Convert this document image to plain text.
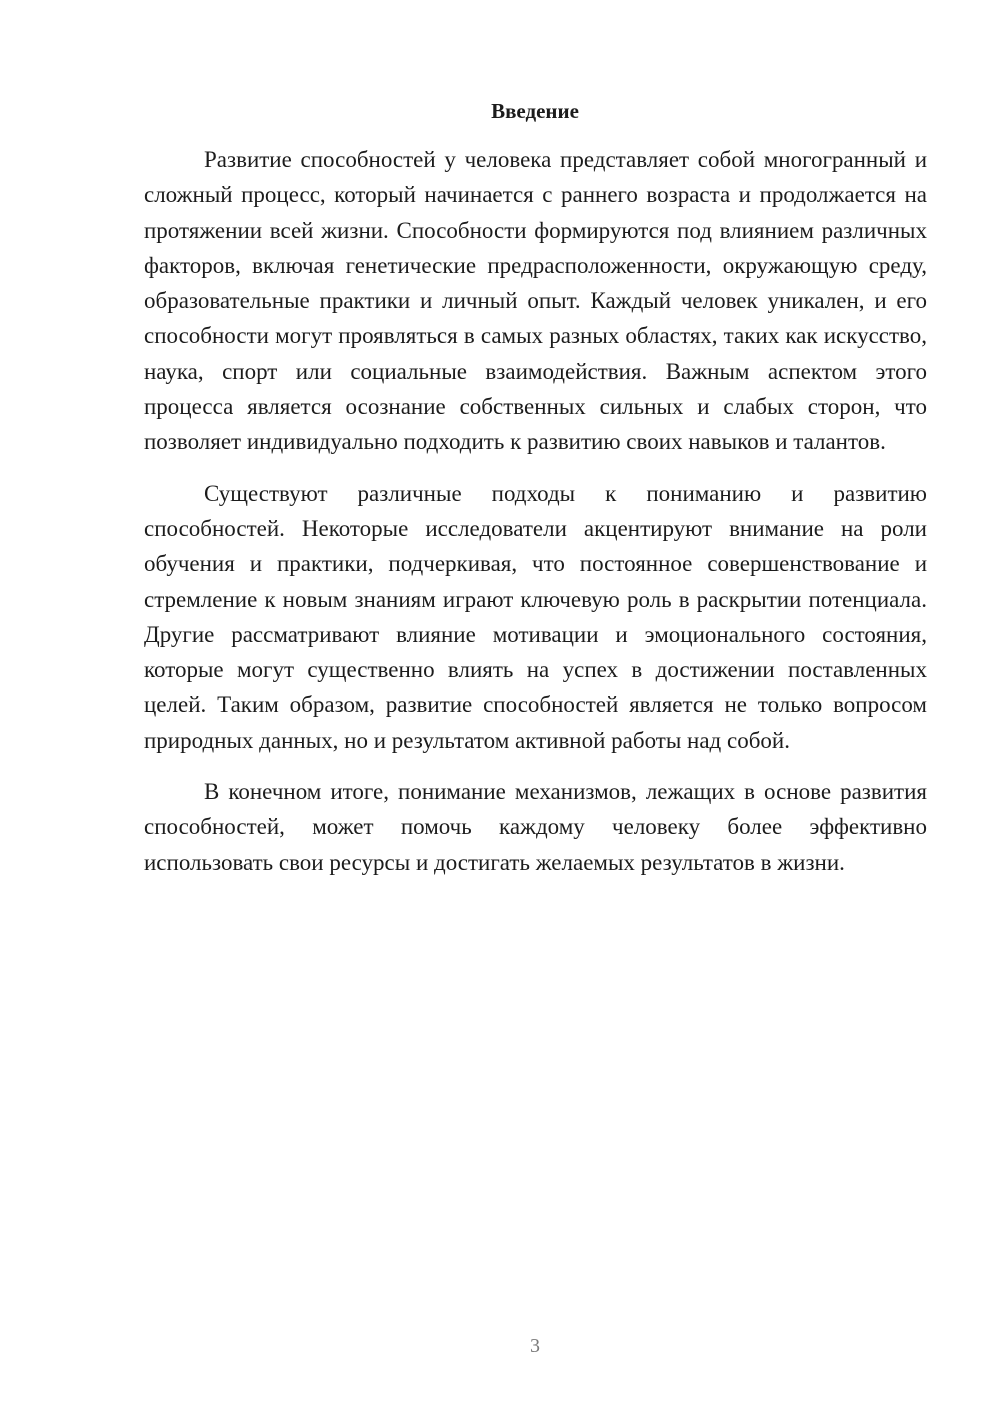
Введение

Развитие способностей у человека представляет собой многогранный и сложный процесс, который начинается с раннего возраста и продолжается на протяжении всей жизни. Способности формируются под влиянием различных факторов, включая генетические предрасположенности, окружающую среду, образовательные практики и личный опыт. Каждый человек уникален, и его способности могут проявляться в самых разных областях, таких как искусство, наука, спорт или социальные взаимодействия. Важным аспектом этого процесса является осознание собственных сильных и слабых сторон, что позволяет индивидуально подходить к развитию своих навыков и талантов.

Существуют различные подходы к пониманию и развитию способностей. Некоторые исследователи акцентируют внимание на роли обучения и практики, подчеркивая, что постоянное совершенствование и стремление к новым знаниям играют ключевую роль в раскрытии потенциала. Другие рассматривают влияние мотивации и эмоционального состояния, которые могут существенно влиять на успех в достижении поставленных целей. Таким образом, развитие способностей является не только вопросом природных данных, но и результатом активной работы над собой.

В конечном итоге, понимание механизмов, лежащих в основе развития способностей, может помочь каждому человеку более эффективно использовать свои ресурсы и достигать желаемых результатов в жизни.

3
